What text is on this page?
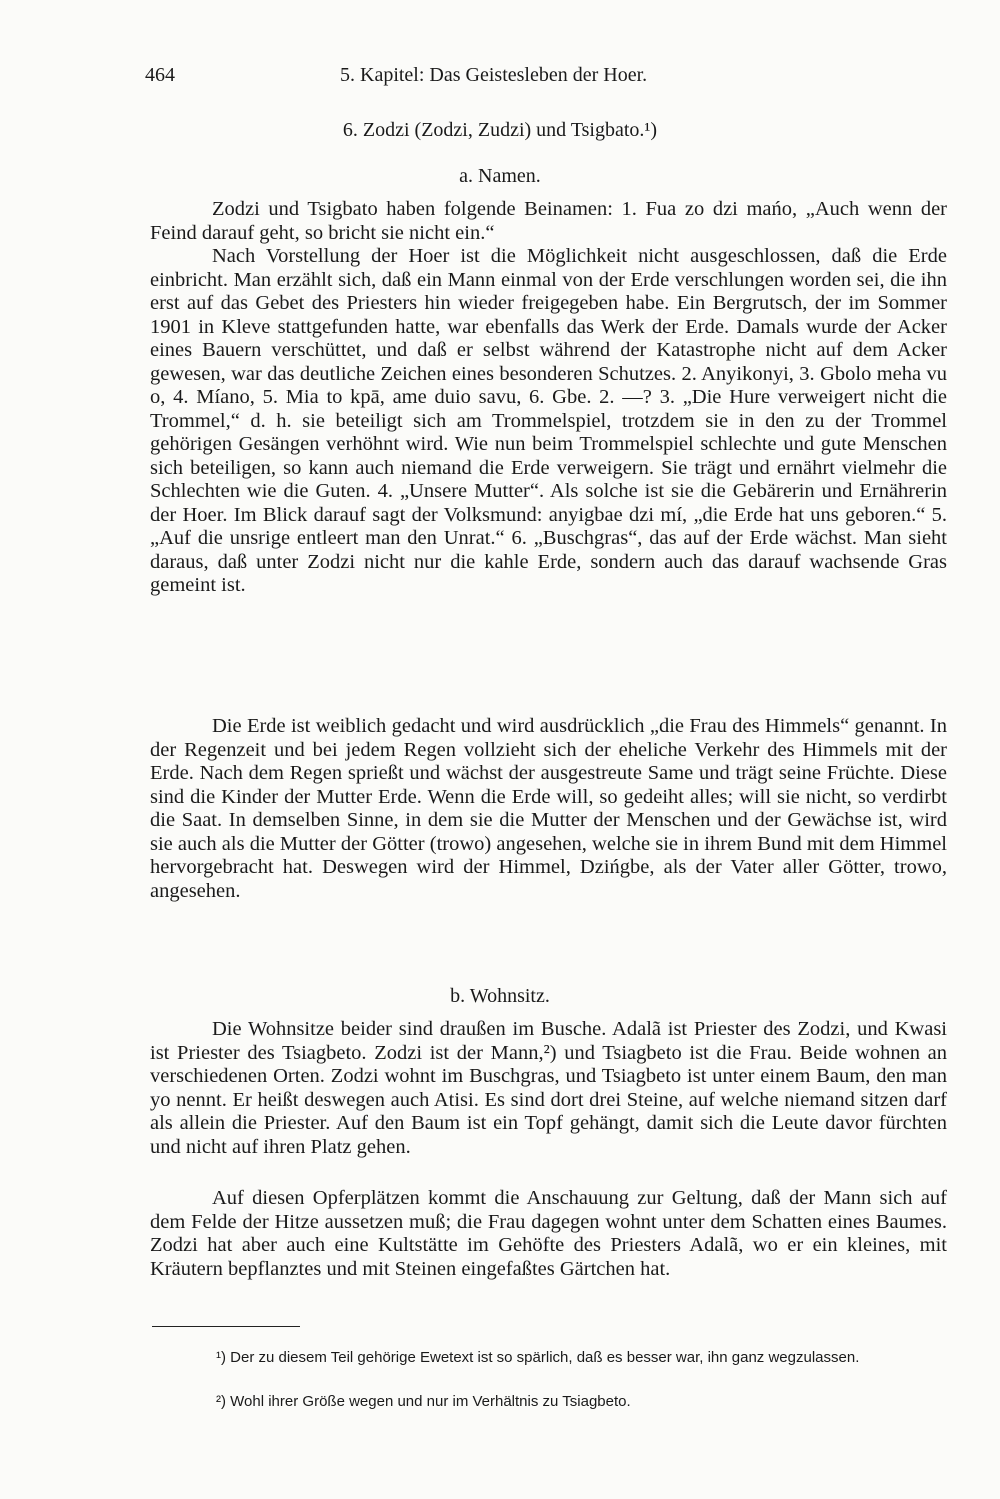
464	5. Kapitel: Das Geistesleben der Hoer.
6. Zodzi (Zodzi, Zudzi) und Tsigbato.¹)
a. Namen.

Zodzi und Tsigbato haben folgende Beinamen: 1. Fua zo dzi mańo, „Auch wenn der Feind darauf geht, so bricht sie nicht ein.“

Nach Vorstellung der Hoer ist die Möglichkeit nicht ausgeschlossen, daß die Erde einbricht. Man erzählt sich, daß ein Mann einmal von der Erde verschlungen worden sei, die ihn erst auf das Gebet des Priesters hin wieder freigegeben habe. Ein Bergrutsch, der im Sommer 1901 in Kleve stattgefunden hatte, war ebenfalls das Werk der Erde. Damals wurde der Acker eines Bauern verschüttet, und daß er selbst während der Katastrophe nicht auf dem Acker gewesen, war das deutliche Zeichen eines besonderen Schutzes. 2. Anyikonyi, 3. Gbolo meha vu o, 4. Míano, 5. Mia to kpā, ame duio savu, 6. Gbe. 2. —? 3. „Die Hure verweigert nicht die Trommel,“ d. h. sie beteiligt sich am Trommelspiel, trotzdem sie in den zu der Trommel gehörigen Gesängen verhöhnt wird. Wie nun beim Trommelspiel schlechte und gute Menschen sich beteiligen, so kann auch niemand die Erde verweigern. Sie trägt und ernährt vielmehr die Schlechten wie die Guten. 4. „Unsere Mutter“. Als solche ist sie die Gebärerin und Ernährerin der Hoer. Im Blick darauf sagt der Volksmund: anyigbae dzi mí, „die Erde hat uns geboren.“ 5. „Auf die unsrige entleert man den Unrat.“ 6. „Buschgras“, das auf der Erde wächst. Man sieht daraus, daß unter Zodzi nicht nur die kahle Erde, sondern auch das darauf wachsende Gras gemeint ist.

Die Erde ist weiblich gedacht und wird ausdrücklich „die Frau des Himmels“ genannt. In der Regenzeit und bei jedem Regen vollzieht sich der eheliche Verkehr des Himmels mit der Erde. Nach dem Regen sprießt und wächst der ausgestreute Same und trägt seine Früchte. Diese sind die Kinder der Mutter Erde. Wenn die Erde will, so gedeiht alles; will sie nicht, so verdirbt die Saat. In demselben Sinne, in dem sie die Mutter der Menschen und der Gewächse ist, wird sie auch als die Mutter der Götter (trowo) angesehen, welche sie in ihrem Bund mit dem Himmel hervorgebracht hat. Deswegen wird der Himmel, Dzińgbe, als der Vater aller Götter, trowo, angesehen.

b. Wohnsitz.

Die Wohnsitze beider sind draußen im Busche. Adalã ist Priester des Zodzi, und Kwasi ist Priester des Tsiagbeto. Zodzi ist der Mann,²) und Tsiagbeto ist die Frau. Beide wohnen an verschiedenen Orten. Zodzi wohnt im Buschgras, und Tsiagbeto ist unter einem Baum, den man yo nennt. Er heißt deswegen auch Atisi. Es sind dort drei Steine, auf welche niemand sitzen darf als allein die Priester. Auf den Baum ist ein Topf gehängt, damit sich die Leute davor fürchten und nicht auf ihren Platz gehen.

Auf diesen Opferplätzen kommt die Anschauung zur Geltung, daß der Mann sich auf dem Felde der Hitze aussetzen muß; die Frau dagegen wohnt unter dem Schatten eines Baumes. Zodzi hat aber auch eine Kultstätte im Gehöfte des Priesters Adalã, wo er ein kleines, mit Kräutern bepflanztes und mit Steinen eingefaßtes Gärtchen hat.

¹) Der zu diesem Teil gehörige Ewetext ist so spärlich, daß es besser war, ihn ganz wegzulassen.

²) Wohl ihrer Größe wegen und nur im Verhältnis zu Tsiagbeto.
